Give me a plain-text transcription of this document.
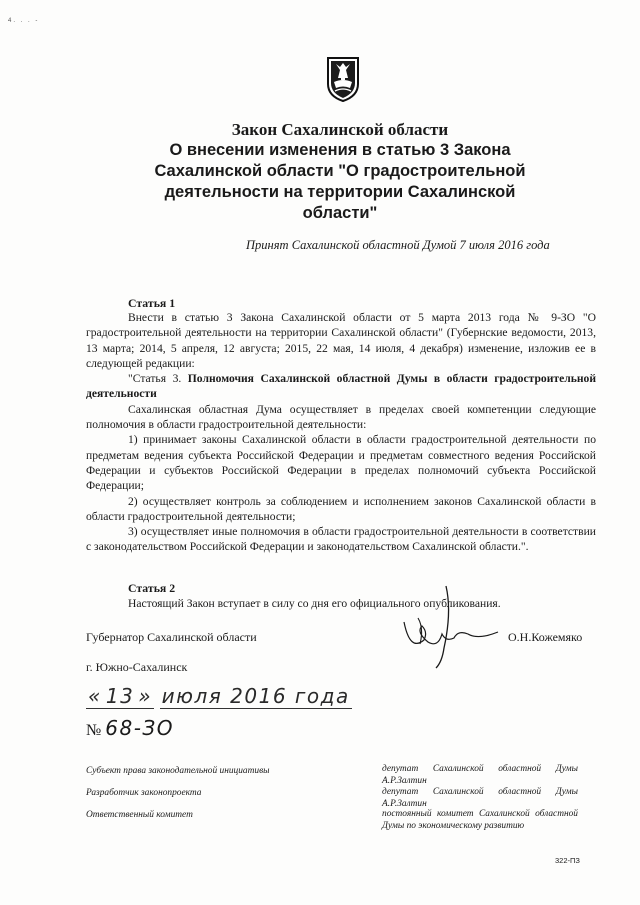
4. . . -
Закон Сахалинской области
О внесении изменения в статью 3 Закона
Сахалинской области "О градостроительной
деятельности на территории Сахалинской
области"
Принят Сахалинской областной Думой 7 июля 2016 года
Статья 1

Внести в статью 3 Закона Сахалинской области от 5 марта 2013 года № 9-ЗО "О градостроительной деятельности на территории Сахалинской области" (Губернские ведомости, 2013, 13 марта; 2014, 5 апреля, 12 августа; 2015, 22 мая, 14 июля, 4 декабря) изменение, изложив ее в следующей редакции:

"Статья 3. Полномочия Сахалинской областной Думы в области градостроительной деятельности

Сахалинская областная Дума осуществляет в пределах своей компетенции следующие полномочия в области градостроительной деятельности:

1) принимает законы Сахалинской области в области градостроительной деятельности по предметам ведения субъекта Российской Федерации и предметам совместного ведения Российской Федерации и субъектов Российской Федерации в пределах полномочий субъекта Российской Федерации;

2) осуществляет контроль за соблюдением и исполнением законов Сахалинской области в области градостроительной деятельности;

3) осуществляет иные полномочия в области градостроительной деятельности в соответствии с законодательством Российской Федерации и законодательством Сахалинской области.".

Статья 2

Настоящий Закон вступает в силу со дня его официального опубликования.

Губернатор Сахалинской области	О.Н.Кожемяко
г. Южно-Сахалинск
« 13 » июля 2016 года
№ 68-ЗО
Субъект права законодательной инициативы
Разработчик законопроекта
Ответственный комитет
депутат Сахалинской областной Думы А.Р.Залтин
депутат Сахалинской областной Думы А.Р.Залтин
постоянный комитет Сахалинской областной Думы по экономическому развитию
322-ПЗ
